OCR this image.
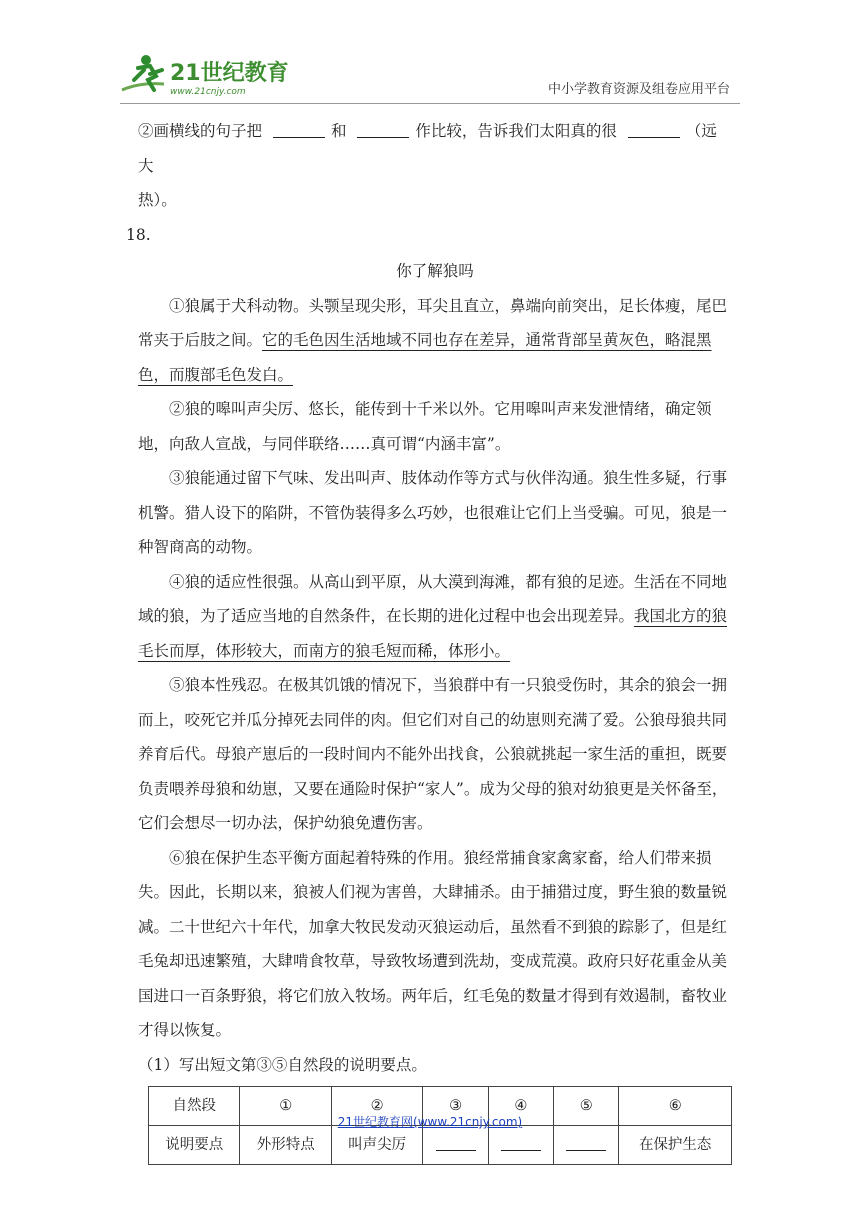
21世纪教育
www.21cnjy.com	中小学教育资源及组卷应用平台

②画横线的句子把	和	作比较，告诉我们太阳真的很	（远　　大

热）。

18.

你了解狼吗

①狼属于犬科动物。头颚呈现尖形，耳尖且直立，鼻端向前突出，足长体瘦，尾巴常夹于后肢之间。它的毛色因生活地域不同也存在差异，通常背部呈黄灰色，略混黑色，而腹部毛色发白。

②狼的嗥叫声尖厉、悠长，能传到十千米以外。它用嗥叫声来发泄情绪，确定领地，向敌人宣战，与同伴联络……真可谓“内涵丰富”。

③狼能通过留下气味、发出叫声、肢体动作等方式与伙伴沟通。狼生性多疑，行事机警。猎人设下的陷阱，不管伪装得多么巧妙，也很难让它们上当受骗。可见，狼是一种智商高的动物。

④狼的适应性很强。从高山到平原，从大漠到海滩，都有狼的足迹。生活在不同地域的狼，为了适应当地的自然条件，在长期的进化过程中也会出现差异。我国北方的狼毛长而厚，体形较大，而南方的狼毛短而稀，体形小。

⑤狼本性残忍。在极其饥饿的情况下，当狼群中有一只狼受伤时，其余的狼会一拥而上，咬死它并瓜分掉死去同伴的肉。但它们对自己的幼崽则充满了爱。公狼母狼共同养育后代。母狼产崽后的一段时间内不能外出找食，公狼就挑起一家生活的重担，既要负责喂养母狼和幼崽，又要在通险时保护“家人”。成为父母的狼对幼狼更是关怀备至，它们会想尽一切办法，保护幼狼免遭伤害。

⑥狼在保护生态平衡方面起着特殊的作用。狼经常捕食家禽家畜，给人们带来损失。因此，长期以来，狼被人们视为害兽，大肆捕杀。由于捕猎过度，野生狼的数量锐减。二十世纪六十年代，加拿大牧民发动灭狼运动后，虽然看不到狼的踪影了，但是红毛兔却迅速繁殖，大肆啃食牧草，导致牧场遭到洗劫，变成荒漠。政府只好花重金从美国进口一百条野狼，将它们放入牧场。两年后，红毛兔的数量才得到有效遏制，畜牧业才得以恢复。

（1）写出短文第③⑤自然段的说明要点。

自然段	①	②	③	④	⑤	⑥
说明要点	外形特点	叫声尖厉				在保护生态
21世纪教育网(www.21cnjy.com)
